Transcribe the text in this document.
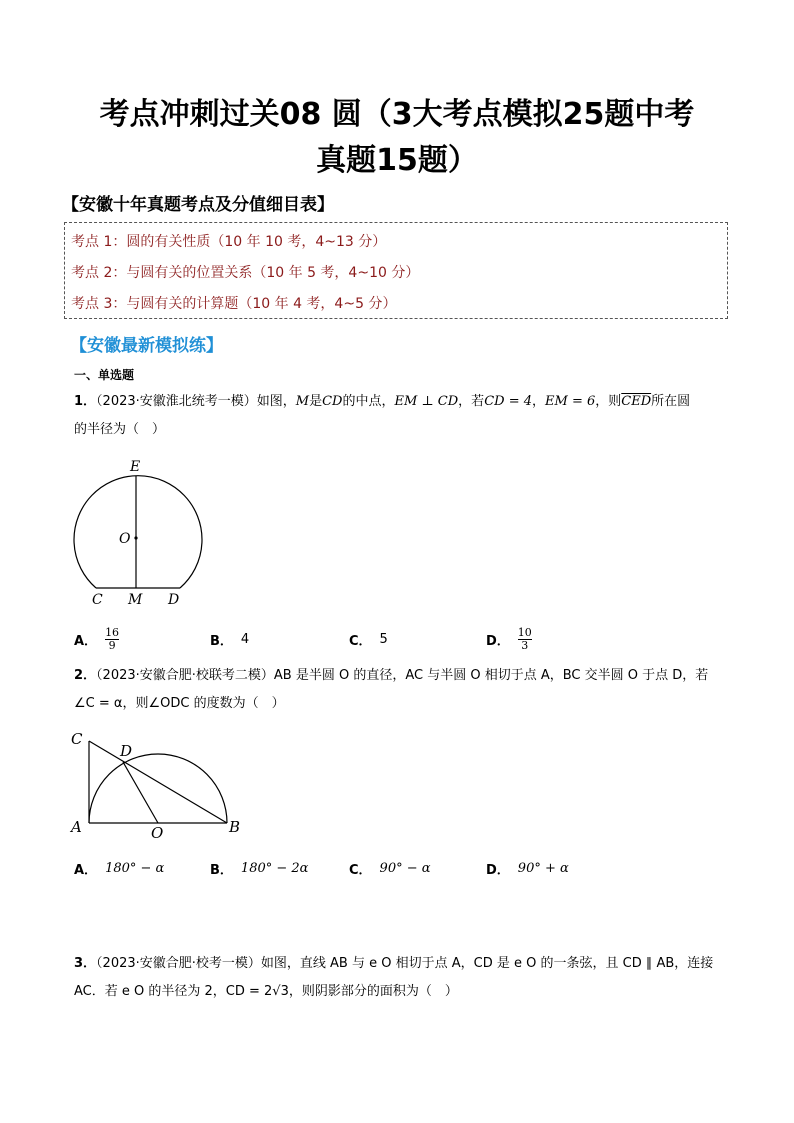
考点冲刺过关08 圆（3大考点模拟25题中考
真题15题）
【安徽十年真题考点及分值细目表】
考点 1：圆的有关性质（10 年 10 考，4~13 分）
考点 2：与圆有关的位置关系（10 年 5 考，4~10 分）
考点 3：与圆有关的计算题（10 年 4 考，4~5 分）
【安徽最新模拟练】
一、单选题
1．（2023·安徽淮北统考一模）如图，M是CD的中点，EM ⊥ CD，若CD = 4，EM = 6，则$\overline{CED}$所在圆
的半径为（　）
E
O
C M D
A． $\frac{16}{9}$	B． 4	C． 5	D． $\frac{10}{3}$
2．（2023·安徽合肥·校联考二模）AB 是半圆 O 的直径，AC 与半圆 O 相切于点 A，BC 交半圆 O 于点 D，若
∠C = α，则∠ODC 的度数为（　）
C
D
A	O	B
A． 180° − α	B． 180° − 2α	C． 90° − α	D． 90° + α
3．（2023·安徽合肥·校考一模）如图，直线 AB 与 e O 相切于点 A，CD 是 e O 的一条弦，且 CD ∥ AB，连接
AC．若 e O 的半径为 2，CD = 2√3，则阴影部分的面积为（　）
